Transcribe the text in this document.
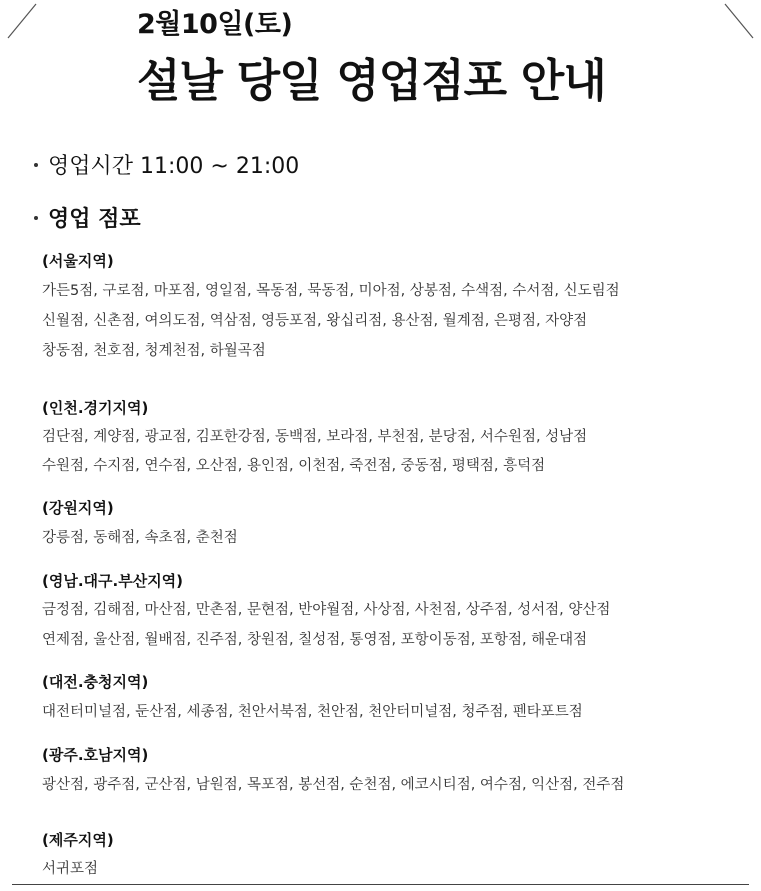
2월10일(토)
설날 당일 영업점포 안내
영업시간 11:00 ~ 21:00
영업 점포
(서울지역)
가든5점, 구로점, 마포점, 영일점, 목동점, 묵동점, 미아점, 상봉점, 수색점, 수서점, 신도림점
신월점, 신촌점, 여의도점, 역삼점, 영등포점, 왕십리점, 용산점, 월계점, 은평점, 자양점
창동점, 천호점, 청계천점, 하월곡점
(인천.경기지역)
검단점, 계양점, 광교점, 김포한강점, 동백점, 보라점, 부천점, 분당점, 서수원점, 성남점
수원점, 수지점, 연수점, 오산점, 용인점, 이천점, 죽전점, 중동점, 평택점, 흥덕점
(강원지역)
강릉점, 동해점, 속초점, 춘천점
(영남.대구.부산지역)
금정점, 김해점, 마산점, 만촌점, 문현점, 반야월점, 사상점, 사천점, 상주점, 성서점, 양산점
연제점, 울산점, 월배점, 진주점, 창원점, 칠성점, 통영점, 포항이동점, 포항점, 해운대점
(대전.충청지역)
대전터미널점, 둔산점, 세종점, 천안서북점, 천안점, 천안터미널점, 청주점, 펜타포트점
(광주.호남지역)
광산점, 광주점, 군산점, 남원점, 목포점, 봉선점, 순천점, 에코시티점, 여수점, 익산점, 전주점
(제주지역)
서귀포점
